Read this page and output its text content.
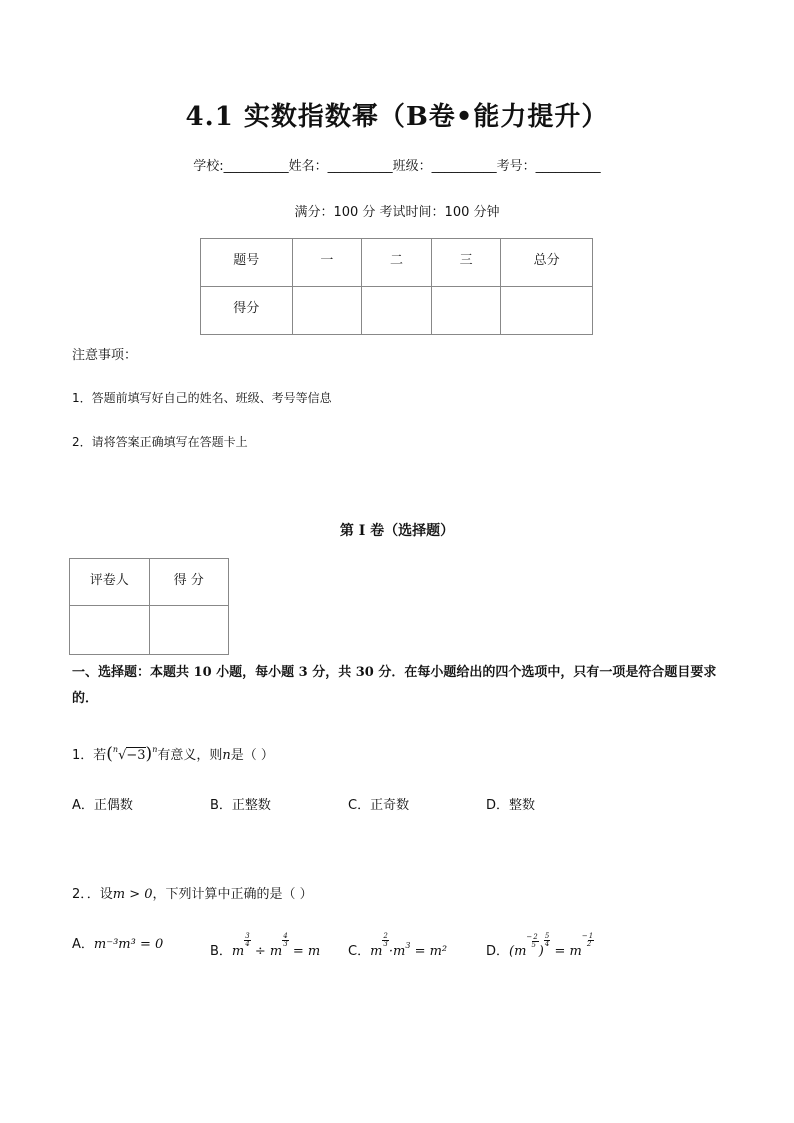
4.1 实数指数幂（B卷•能力提升）
学校:__________姓名：__________班级：__________考号：__________
满分：100 分 考试时间：100 分钟
题号	一	二	三	总分
得分				
注意事项：
1．答题前填写好自己的姓名、班级、考号等信息
2．请将答案正确填写在答题卡上
第 I 卷（选择题）
评卷人	得 分

一、选择题：本题共 10 小题，每小题 3 分，共 30 分．在每小题给出的四个选项中，只有一项是符合题目要求的．
1．若$(^n√-3)^n$有意义，则n是（ ）
A．正偶数	B．正整数	C．正奇数	D．整数
2．．设m > 0，下列计算中正确的是（ ）
A．m⁻³m³ = 0	B．m
3
4 ÷ m
4
3 = m C．m
2
$3\cdot m^3 = m^2$	D．(m−2
5 )
5
4 = m−1
2
